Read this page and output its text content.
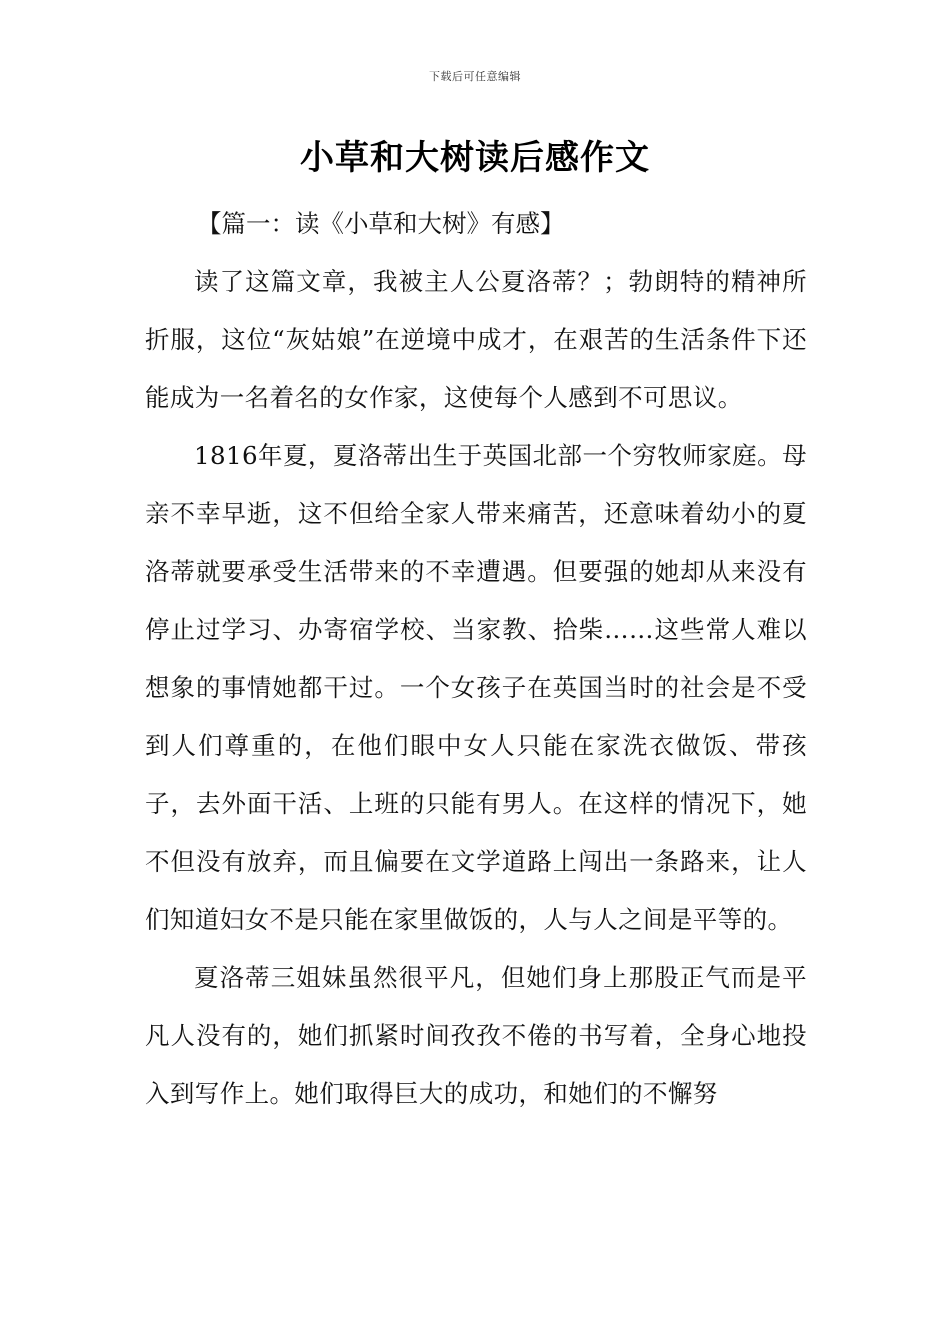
下载后可任意编辑
小草和大树读后感作文
【篇一：读《小草和大树》有感】

读了这篇文章，我被主人公夏洛蒂？；勃朗特的精神所折服，这位“灰姑娘”在逆境中成才，在艰苦的生活条件下还能成为一名着名的女作家，这使每个人感到不可思议。

1816年夏，夏洛蒂出生于英国北部一个穷牧师家庭。母亲不幸早逝，这不但给全家人带来痛苦，还意味着幼小的夏洛蒂就要承受生活带来的不幸遭遇。但要强的她却从来没有停止过学习、办寄宿学校、当家教、拾柴……这些常人难以想象的事情她都干过。一个女孩子在英国当时的社会是不受到人们尊重的，在他们眼中女人只能在家洗衣做饭、带孩子，去外面干活、上班的只能有男人。在这样的情况下，她不但没有放弃，而且偏要在文学道路上闯出一条路来，让人们知道妇女不是只能在家里做饭的，人与人之间是平等的。

夏洛蒂三姐妹虽然很平凡，但她们身上那股正气而是平凡人没有的，她们抓紧时间孜孜不倦的书写着，全身心地投入到写作上。她们取得巨大的成功，和她们的不懈努
